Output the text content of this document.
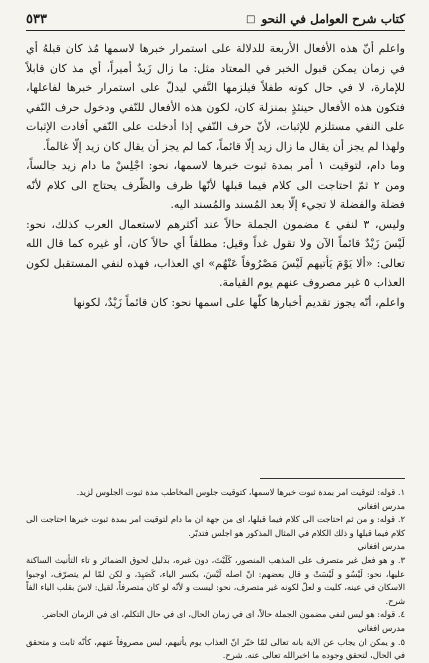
كتاب شرح العوامل في النحو
□
٥٣٣

واعلم أنّ هذه الأفعال الأربعة للدلالة على استمرار خبرها لاسمها مُذ كان قبلهُ أي في زمان يمكن قبول الخبر في المعتاد مثل: ما زال زَيدٌ أميراً، أي مذ كان قابلاً للإمارة، لا في حال كونه طفلاً فيلزمها النَّفي ليدلّ على استمرار خبرها لفاعلها، فتكون هذه الأفعال حينئذٍ بمنزلة كان، لكون هذه الأفعال للنّفي ودخول حرف النّفي على النفي مستلزم للإثبات، لأنّ حرف النّفي إذا أدخلت على النّفي أفادت الإثبات ولهذا لم يجز أن يقال ما زال زيد إلّا قائماً، كما لم يجز أن يقال كان زيد إلّا غالماً.

وما دام، لتوقيت ١ أمر بمدة ثبوت خبرها لاسمها، نحو: اجْلِسْ ما دام زيد جالساً، ومن ٢ ثمّ احتاجت الى كلام فيما قبلها لأنّها ظرف والظّرف يحتاج الى كلام لأنّه فضلة والفضلة لا تجيء إلّا بعد المُسند والمُسند اليه.

وليس، ٣ لنفي ٤ مضمون الجملة حالاً عند أكثرهم لاستعمال العرب كذلك، نحو: لَيْسَ زَيْدٌ قائماً الآن ولا تقول غداً وقيل: مطلقاً أي حالاً كان، أو غيره كما قال الله تعالى: «ألا يَوْمَ يَأتيهم لَيْسَ مَصْرُوفاً عَنْهُم» اي العذاب، فهذه لنفي المستقبل لكون العذاب ٥ غير مصروف عنهم يوم القيامة.

واعلم، أنّه يجوز تقديم أخبارها كلّها على اسمها نحو: كان قائماً زَيْدٌ، لكونها

١. قوله: لتوقيت امر بمدة ثبوت خبرها لاسمها، كتوقيت جلوس المخاطب مدة ثبوت الجلوس لزيد.
مدرس افغاني

٢. قوله: و من ثم احتاجت الى كلام فيما قبلها، اى من جهة ان ما دام لتوقيت امر بمدة ثبوت خبرها احتاجت الى كلام فيما قبلها و ذلك الكلام في المثال المذكور هو اجلس فتدبّر.
مدرس افغاني

٣. و هو فعل غير متصرف على المذهب المنصور، كَلَيْتَ، دون غيره، بدليل لحوق الضمائر و تاء التأنيث الساكنة عليها، نحو: لَيْسُو و لَيْسَتْ و قال بعضهم: انّ اصله لَيْسَ، بكسر الياء، كَصَيِدَ، و لكن لمّا لم يتصرّف، اوجبوا الاسكان في عينه، كليت و لعلّ لكونه غير متصرف، نحو: ليست و لأنّه لو كان متصرفاً، لقيل: لاسَ بقلب الياء الفاً شرح.

٤. قوله: هو ليس لنفي مضمون الجملة حالاً، اى في زمان الحال، اى في حال التكلم، اى في الزمان الحاضر.
مدرس افغاني

٥. و يمكن ان يجاب عن الاية بانه تعالى لمّا خبّر انّ العذاب يوم يأتيهم، ليس مصروفاً عنهم، كأنّه ثابت و متحقق في الحال، لتحقق وجوده ما اخبرالله تعالى عنه. شرح.
